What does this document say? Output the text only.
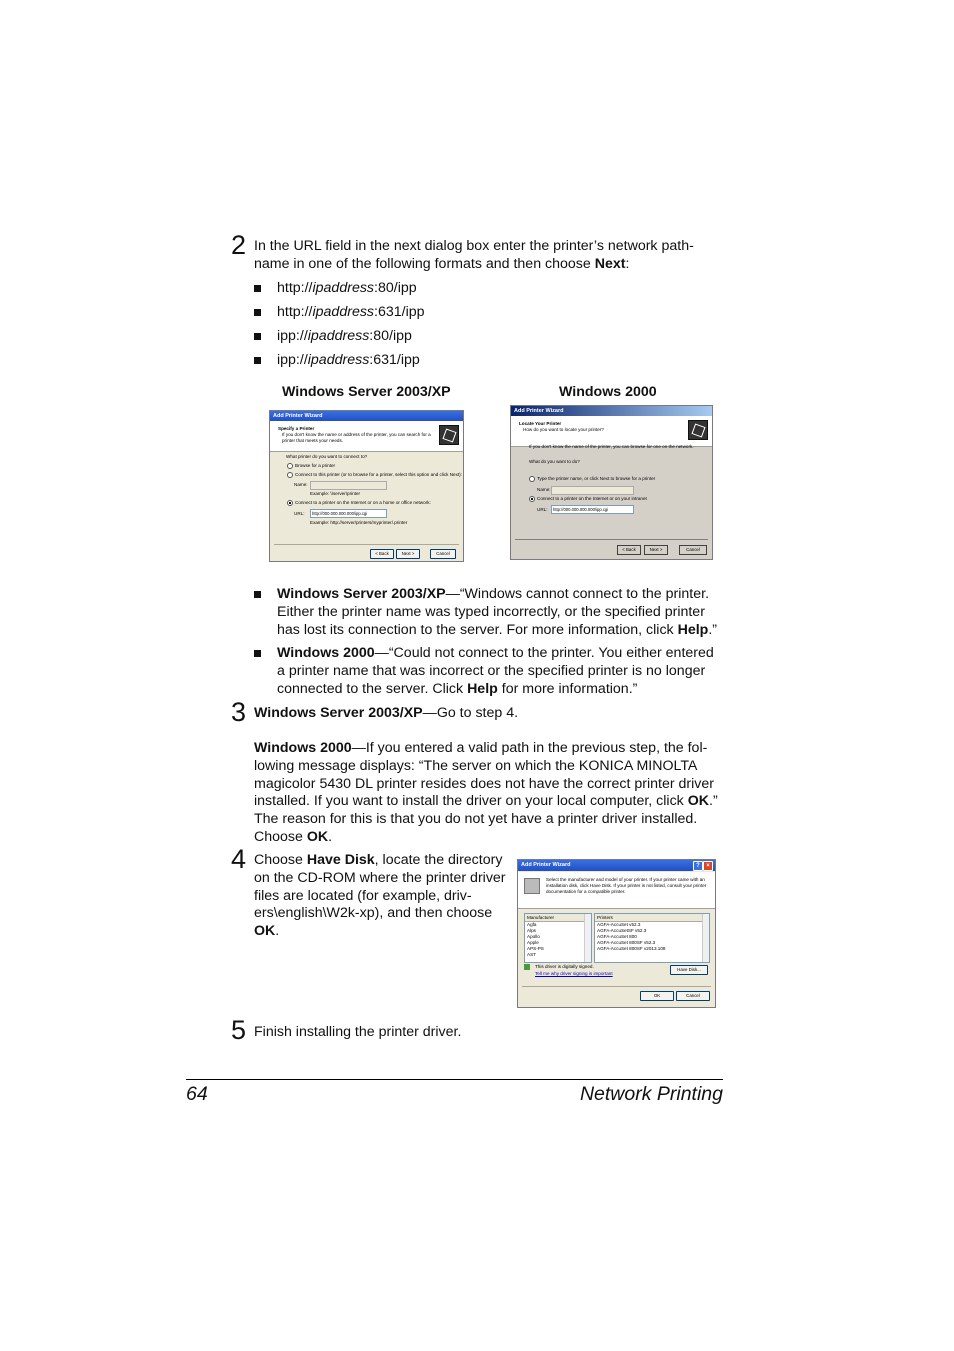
2 In the URL field in the next dialog box enter the printer’s network path-
name in one of the following formats and then choose Next:
http://ipaddress:80/ipp
http://ipaddress:631/ipp
ipp://ipaddress:80/ipp
ipp://ipaddress:631/ipp
Windows Server 2003/XP	Windows 2000
Add Printer Wizard
Specify a Printer
If you don't know the name or address of the printer, you can search for a printer that meets your needs.
What printer do you want to connect to?
Browse for a printer
Connect to this printer (or to browse for a printer, select this option and click Next):
Name:
Example: \\server\printer
Connect to a printer on the Internet or on a home or office network:
URL:	http://000.000.000.000/ipp.cgi
Example: http://server/printers/myprinter/.printer
< Back	Next >	Cancel
Add Printer Wizard
Locate Your Printer
How do you want to locate your printer?
If you don't know the name of the printer, you can browse for one on the network.
What do you want to do?
Type the printer name, or click Next to browse for a printer
Name:
Connect to a printer on the Internet or on your intranet
URL:	http://000.000.000.000/ipp.cgi
< Back	Next >	Cancel
Windows Server 2003/XP—“Windows cannot connect to the printer.
Either the printer name was typed incorrectly, or the specified printer
has lost its connection to the server. For more information, click Help.”
Windows 2000—“Could not connect to the printer. You either entered
a printer name that was incorrect or the specified printer is no longer
connected to the server. Click Help for more information.”
3 Windows Server 2003/XP—Go to step 4.
Windows 2000—If you entered a valid path in the previous step, the fol-
lowing message displays: “The server on which the KONICA MINOLTA
magicolor 5430 DL printer resides does not have the correct printer driver
installed. If you want to install the driver on your local computer, click OK.”
The reason for this is that you do not yet have a printer driver installed.
Choose OK.
4 Choose Have Disk, locate the directory
on the CD-ROM where the printer driver
files are located (for example, driv-
ers\english\W2k-xp), and then choose
OK.
Add Printer Wizard	?	×
Select the manufacturer and model of your printer. If your printer came with an installation disk, click Have Disk. If your printer is not listed, consult your printer documentation for a compatible printer.
Manufacturer
Agfa
Alps
Apollo
Apple
APS-PS
AST
Printers
AGFA-AccuSet v52.3
AGFA-AccuSetSF v52.3
AGFA-AccuSet 800
AGFA-AccuSet 800SF v52.3
AGFA-AccuSet 800SF v2013.108
This driver is digitally signed.
Tell me why driver signing is important
Have Disk...
OK	Cancel
5 Finish installing the printer driver.
64	Network Printing
